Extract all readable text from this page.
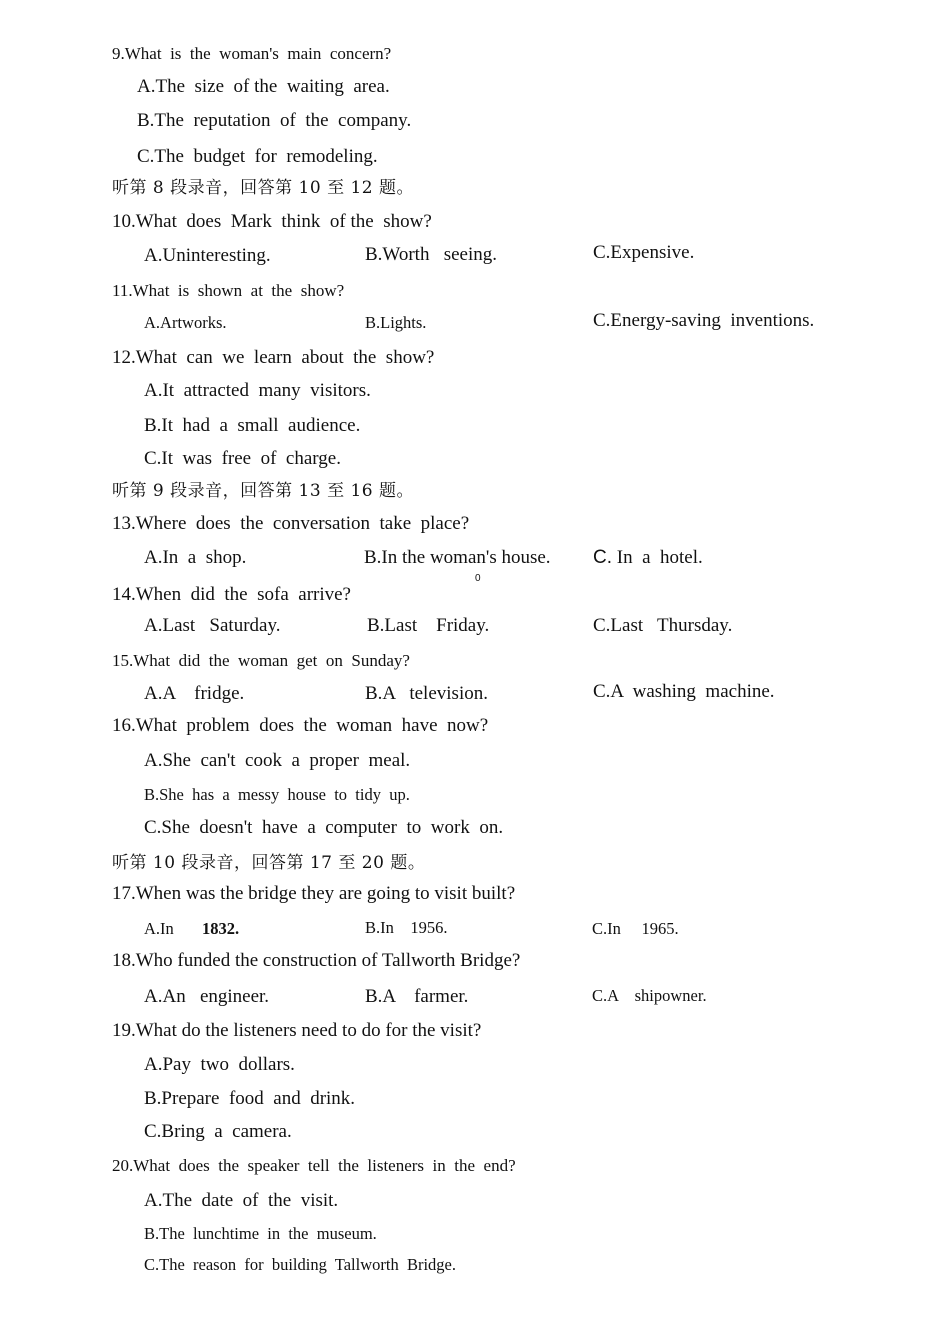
9.What  is  the  woman's  main  concern?
A.The  size  of the  waiting  area.
B.The  reputation  of  the  company.
C.The  budget  for  remodeling.
听第 8 段录音，回答第 10 至 12 题。
10.What  does  Mark  think  of the  show?
A.Uninteresting.	B.Worth   seeing.	C.Expensive.
11.What  is  shown  at  the  show?
A.Artworks.	B.Lights.	C.Energy-saving  inventions.
12.What  can  we  learn  about  the  show?
A.It  attracted  many  visitors.
B.It  had  a  small  audience.
C.It  was  free  of  charge.
听第 9 段录音，回答第 13 至 16 题。
13.Where  does  the  conversation  take  place?
A.In  a  shop.	B.In the woman's house. C. In  a  hotel.
0
14.When  did  the  sofa  arrive?
A.Last   Saturday.	B.Last    Friday.	C.Last   Thursday.
15.What  did  the  woman  get  on  Sunday?
A.A    fridge.	B.A   television.	C.A  washing  machine.
16.What  problem  does  the  woman  have  now?
A.She  can't  cook  a  proper  meal.
B.She  has  a  messy  house  to  tidy  up.
C.She  doesn't  have  a  computer  to  work  on.
听第 10 段录音，回答第 17 至 20 题。
17.When was the bridge they are going to visit built?
A.In 1832.	B.In    1956.	C.In     1965.
18.Who funded the construction of Tallworth Bridge?
A.An   engineer.	B.A    farmer.	C.A    shipowner.
19.What do the listeners need to do for the visit?
A.Pay  two  dollars.
B.Prepare  food  and  drink.
C.Bring  a  camera.
20.What  does  the  speaker  tell  the  listeners  in  the  end?
A.The  date  of  the  visit.
B.The  lunchtime  in  the  museum.
C.The  reason  for  building  Tallworth  Bridge.
